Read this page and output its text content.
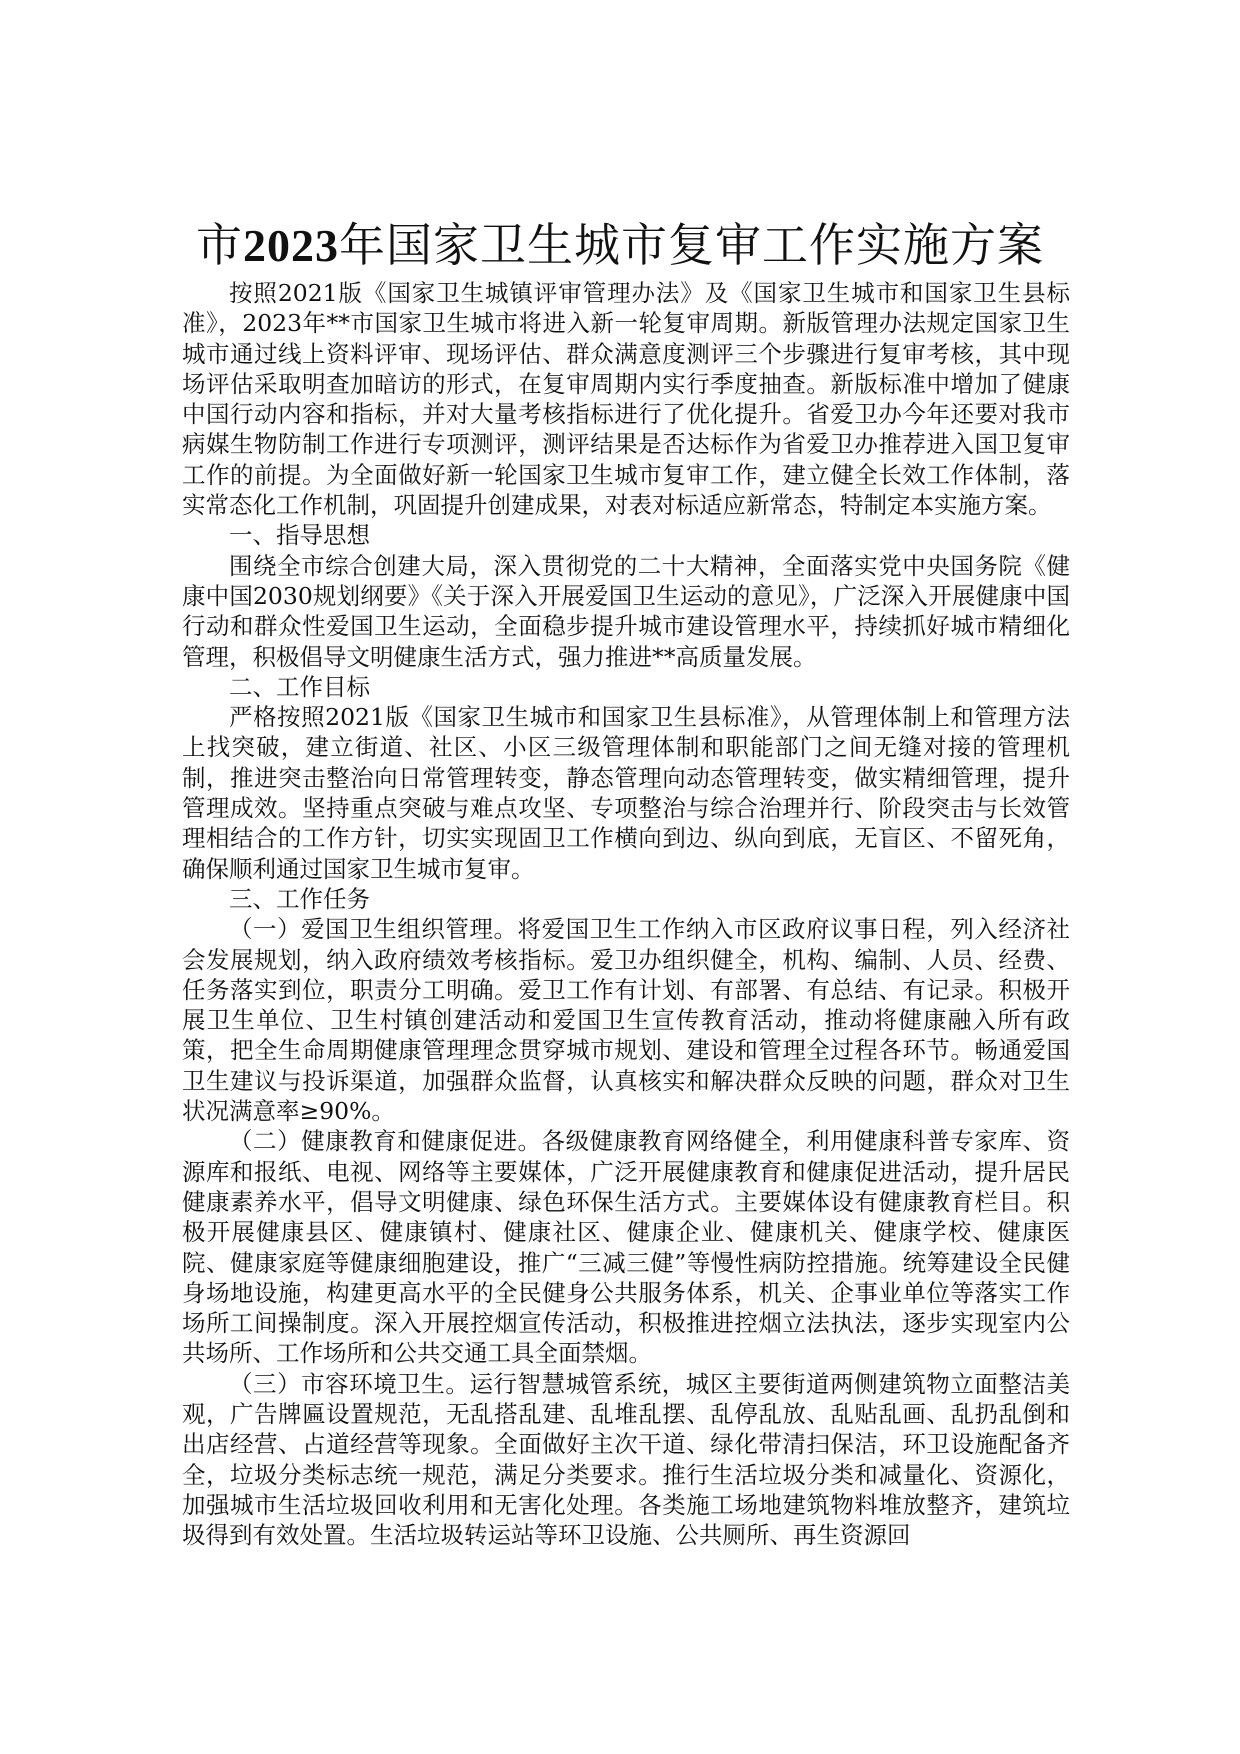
市2023年国家卫生城市复审工作实施方案

按照2021版《国家卫生城镇评审管理办法》及《国家卫生城市和国家卫生县标准》，2023年**市国家卫生城市将进入新一轮复审周期。新版管理办法规定国家卫生城市通过线上资料评审、现场评估、群众满意度测评三个步骤进行复审考核，其中现场评估采取明查加暗访的形式，在复审周期内实行季度抽查。新版标准中增加了健康中国行动内容和指标，并对大量考核指标进行了优化提升。省爱卫办今年还要对我市病媒生物防制工作进行专项测评，测评结果是否达标作为省爱卫办推荐进入国卫复审工作的前提。为全面做好新一轮国家卫生城市复审工作，建立健全长效工作体制，落实常态化工作机制，巩固提升创建成果，对表对标适应新常态，特制定本实施方案。

一、指导思想

围绕全市综合创建大局，深入贯彻党的二十大精神，全面落实党中央国务院《健康中国2030规划纲要》《关于深入开展爱国卫生运动的意见》，广泛深入开展健康中国行动和群众性爱国卫生运动，全面稳步提升城市建设管理水平，持续抓好城市精细化管理，积极倡导文明健康生活方式，强力推进**高质量发展。

二、工作目标

严格按照2021版《国家卫生城市和国家卫生县标准》，从管理体制上和管理方法上找突破，建立街道、社区、小区三级管理体制和职能部门之间无缝对接的管理机制，推进突击整治向日常管理转变，静态管理向动态管理转变，做实精细管理，提升管理成效。坚持重点突破与难点攻坚、专项整治与综合治理并行、阶段突击与长效管理相结合的工作方针，切实实现固卫工作横向到边、纵向到底，无盲区、不留死角，确保顺利通过国家卫生城市复审。

三、工作任务

（一）爱国卫生组织管理。将爱国卫生工作纳入市区政府议事日程，列入经济社会发展规划，纳入政府绩效考核指标。爱卫办组织健全，机构、编制、人员、经费、任务落实到位，职责分工明确。爱卫工作有计划、有部署、有总结、有记录。积极开展卫生单位、卫生村镇创建活动和爱国卫生宣传教育活动，推动将健康融入所有政策，把全生命周期健康管理理念贯穿城市规划、建设和管理全过程各环节。畅通爱国卫生建议与投诉渠道，加强群众监督，认真核实和解决群众反映的问题，群众对卫生状况满意率≥90%。

（二）健康教育和健康促进。各级健康教育网络健全，利用健康科普专家库、资源库和报纸、电视、网络等主要媒体，广泛开展健康教育和健康促进活动，提升居民健康素养水平，倡导文明健康、绿色环保生活方式。主要媒体设有健康教育栏目。积极开展健康县区、健康镇村、健康社区、健康企业、健康机关、健康学校、健康医院、健康家庭等健康细胞建设，推广“三减三健”等慢性病防控措施。统筹建设全民健身场地设施，构建更高水平的全民健身公共服务体系，机关、企事业单位等落实工作场所工间操制度。深入开展控烟宣传活动，积极推进控烟立法执法，逐步实现室内公共场所、工作场所和公共交通工具全面禁烟。

（三）市容环境卫生。运行智慧城管系统，城区主要街道两侧建筑物立面整洁美观，广告牌匾设置规范，无乱搭乱建、乱堆乱摆、乱停乱放、乱贴乱画、乱扔乱倒和出店经营、占道经营等现象。全面做好主次干道、绿化带清扫保洁，环卫设施配备齐全，垃圾分类标志统一规范，满足分类要求。推行生活垃圾分类和减量化、资源化，加强城市生活垃圾回收利用和无害化处理。各类施工场地建筑物料堆放整齐，建筑垃圾得到有效处置。生活垃圾转运站等环卫设施、公共厕所、再生资源回
